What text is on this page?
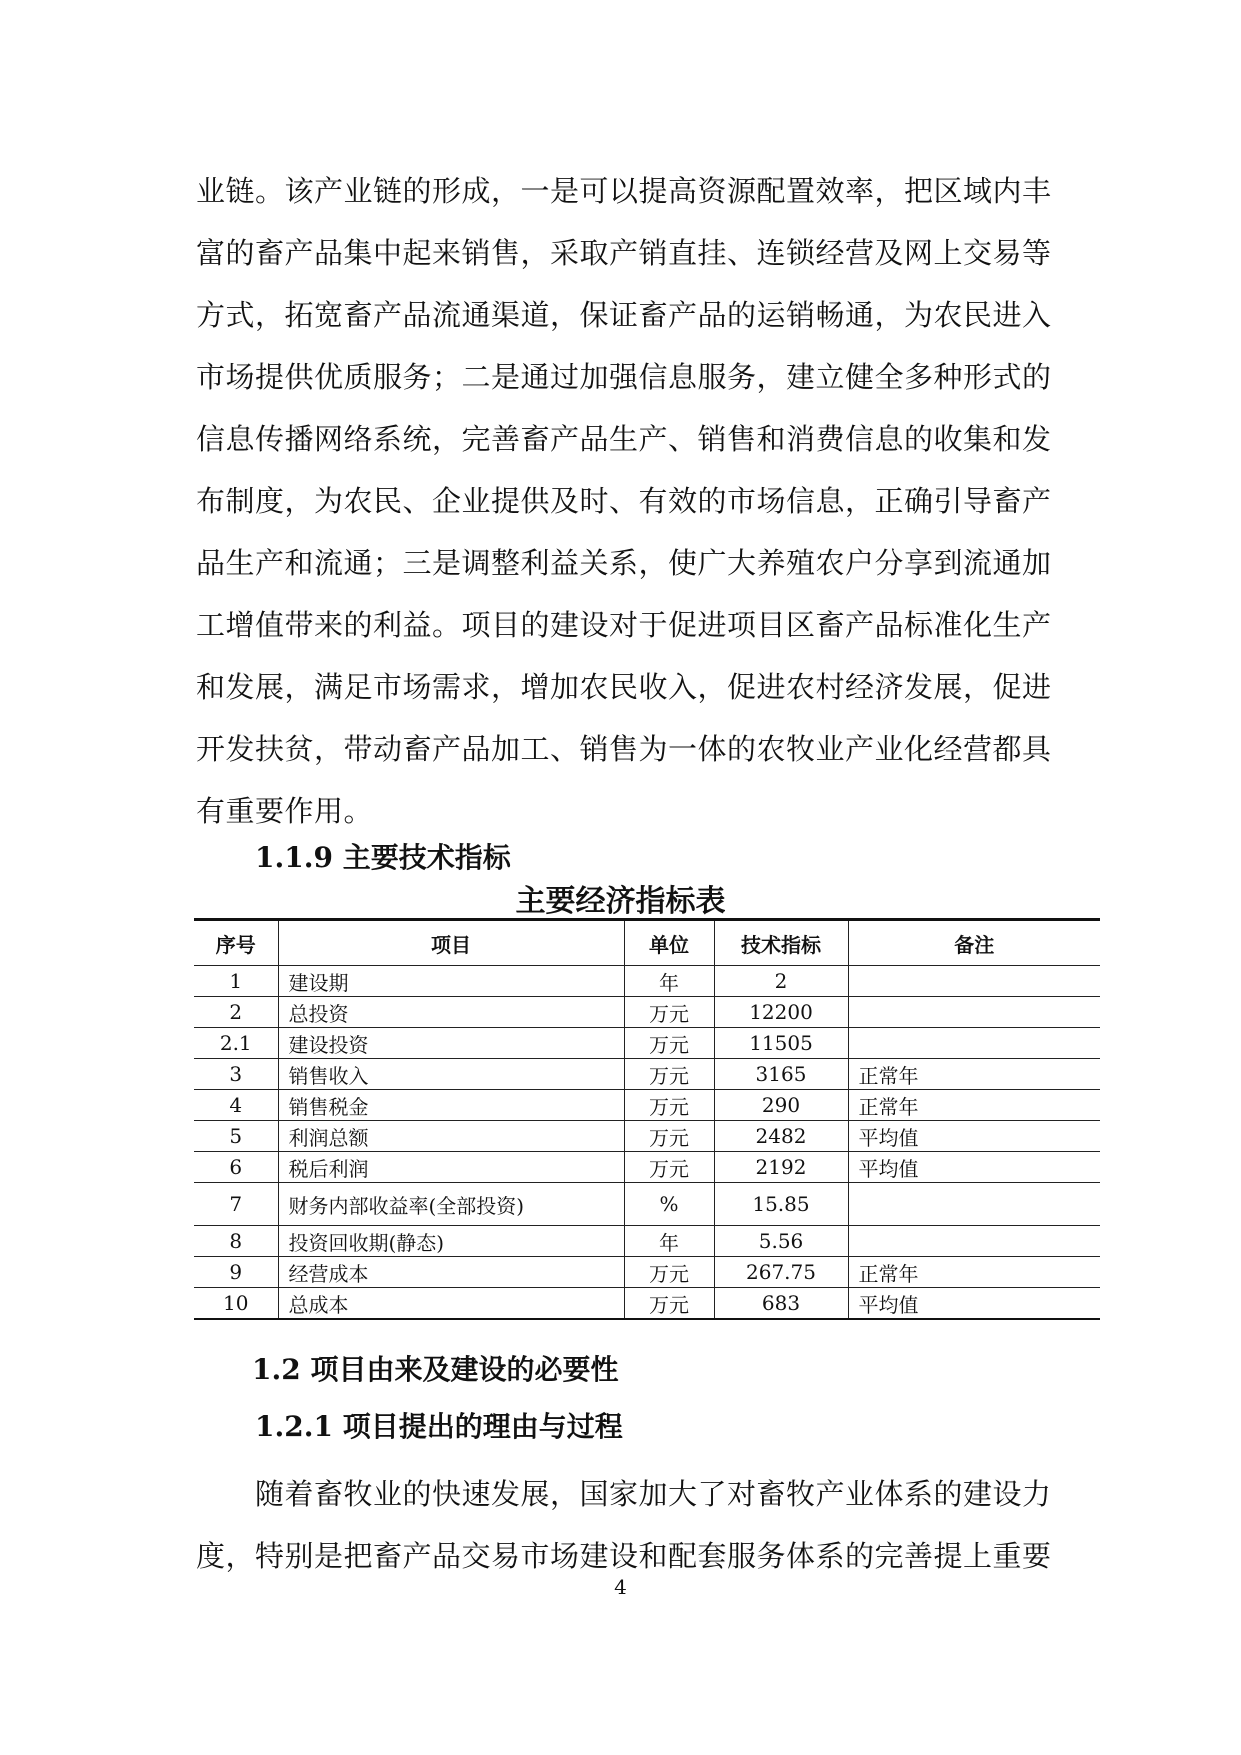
业链。该产业链的形成，一是可以提高资源配置效率，把区域内丰
富的畜产品集中起来销售，采取产销直挂、连锁经营及网上交易等
方式，拓宽畜产品流通渠道，保证畜产品的运销畅通，为农民进入
市场提供优质服务；二是通过加强信息服务，建立健全多种形式的
信息传播网络系统，完善畜产品生产、销售和消费信息的收集和发
布制度，为农民、企业提供及时、有效的市场信息，正确引导畜产
品生产和流通；三是调整利益关系，使广大养殖农户分享到流通加
工增值带来的利益。项目的建设对于促进项目区畜产品标准化生产
和发展，满足市场需求，增加农民收入，促进农村经济发展，促进
开发扶贫，带动畜产品加工、销售为一体的农牧业产业化经营都具
有重要作用。
1.1.9 主要技术指标
主要经济指标表
序号	项目	单位	技术指标	备注
1	建设期	年	2	
2	总投资	万元	12200	
2.1	建设投资	万元	11505	
3	销售收入	万元	3165	正常年
4	销售税金	万元	290	正常年
5	利润总额	万元	2482	平均值
6	税后利润	万元	2192	平均值
7	财务内部收益率(全部投资)	%	15.85	
8	投资回收期(静态)	年	5.56	
9	经营成本	万元	267.75	正常年
10	总成本	万元	683	平均值
1.2 项目由来及建设的必要性
1.2.1 项目提出的理由与过程
　　随着畜牧业的快速发展，国家加大了对畜牧产业体系的建设力
度，特别是把畜产品交易市场建设和配套服务体系的完善提上重要
4
